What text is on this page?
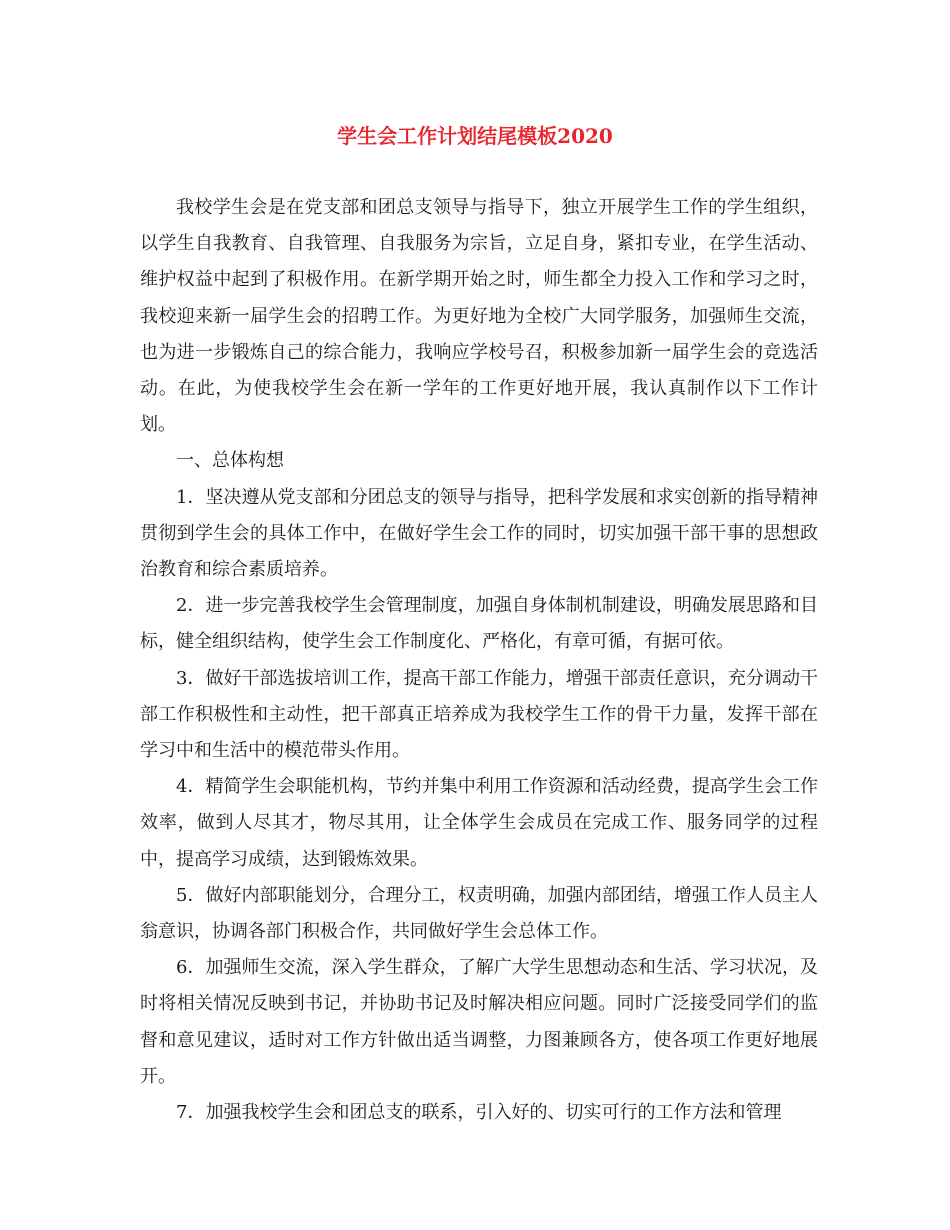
学生会工作计划结尾模板2020

我校学生会是在党支部和团总支领导与指导下，独立开展学生工作的学生组织，以学生自我教育、自我管理、自我服务为宗旨，立足自身，紧扣专业，在学生活动、维护权益中起到了积极作用。在新学期开始之时，师生都全力投入工作和学习之时，我校迎来新一届学生会的招聘工作。为更好地为全校广大同学服务，加强师生交流，也为进一步锻炼自己的综合能力，我响应学校号召，积极参加新一届学生会的竞选活动。在此，为使我校学生会在新一学年的工作更好地开展，我认真制作以下工作计划。

一、总体构想

1．坚决遵从党支部和分团总支的领导与指导，把科学发展和求实创新的指导精神贯彻到学生会的具体工作中，在做好学生会工作的同时，切实加强干部干事的思想政治教育和综合素质培养。

2．进一步完善我校学生会管理制度，加强自身体制机制建设，明确发展思路和目标，健全组织结构，使学生会工作制度化、严格化，有章可循，有据可依。

3．做好干部选拔培训工作，提高干部工作能力，增强干部责任意识，充分调动干部工作积极性和主动性，把干部真正培养成为我校学生工作的骨干力量，发挥干部在学习中和生活中的模范带头作用。

4．精简学生会职能机构，节约并集中利用工作资源和活动经费，提高学生会工作效率，做到人尽其才，物尽其用，让全体学生会成员在完成工作、服务同学的过程中，提高学习成绩，达到锻炼效果。

5．做好内部职能划分，合理分工，权责明确，加强内部团结，增强工作人员主人翁意识，协调各部门积极合作，共同做好学生会总体工作。

6．加强师生交流，深入学生群众，了解广大学生思想动态和生活、学习状况，及时将相关情况反映到书记，并协助书记及时解决相应问题。同时广泛接受同学们的监督和意见建议，适时对工作方针做出适当调整，力图兼顾各方，使各项工作更好地展开。

7．加强我校学生会和团总支的联系，引入好的、切实可行的工作方法和管理
